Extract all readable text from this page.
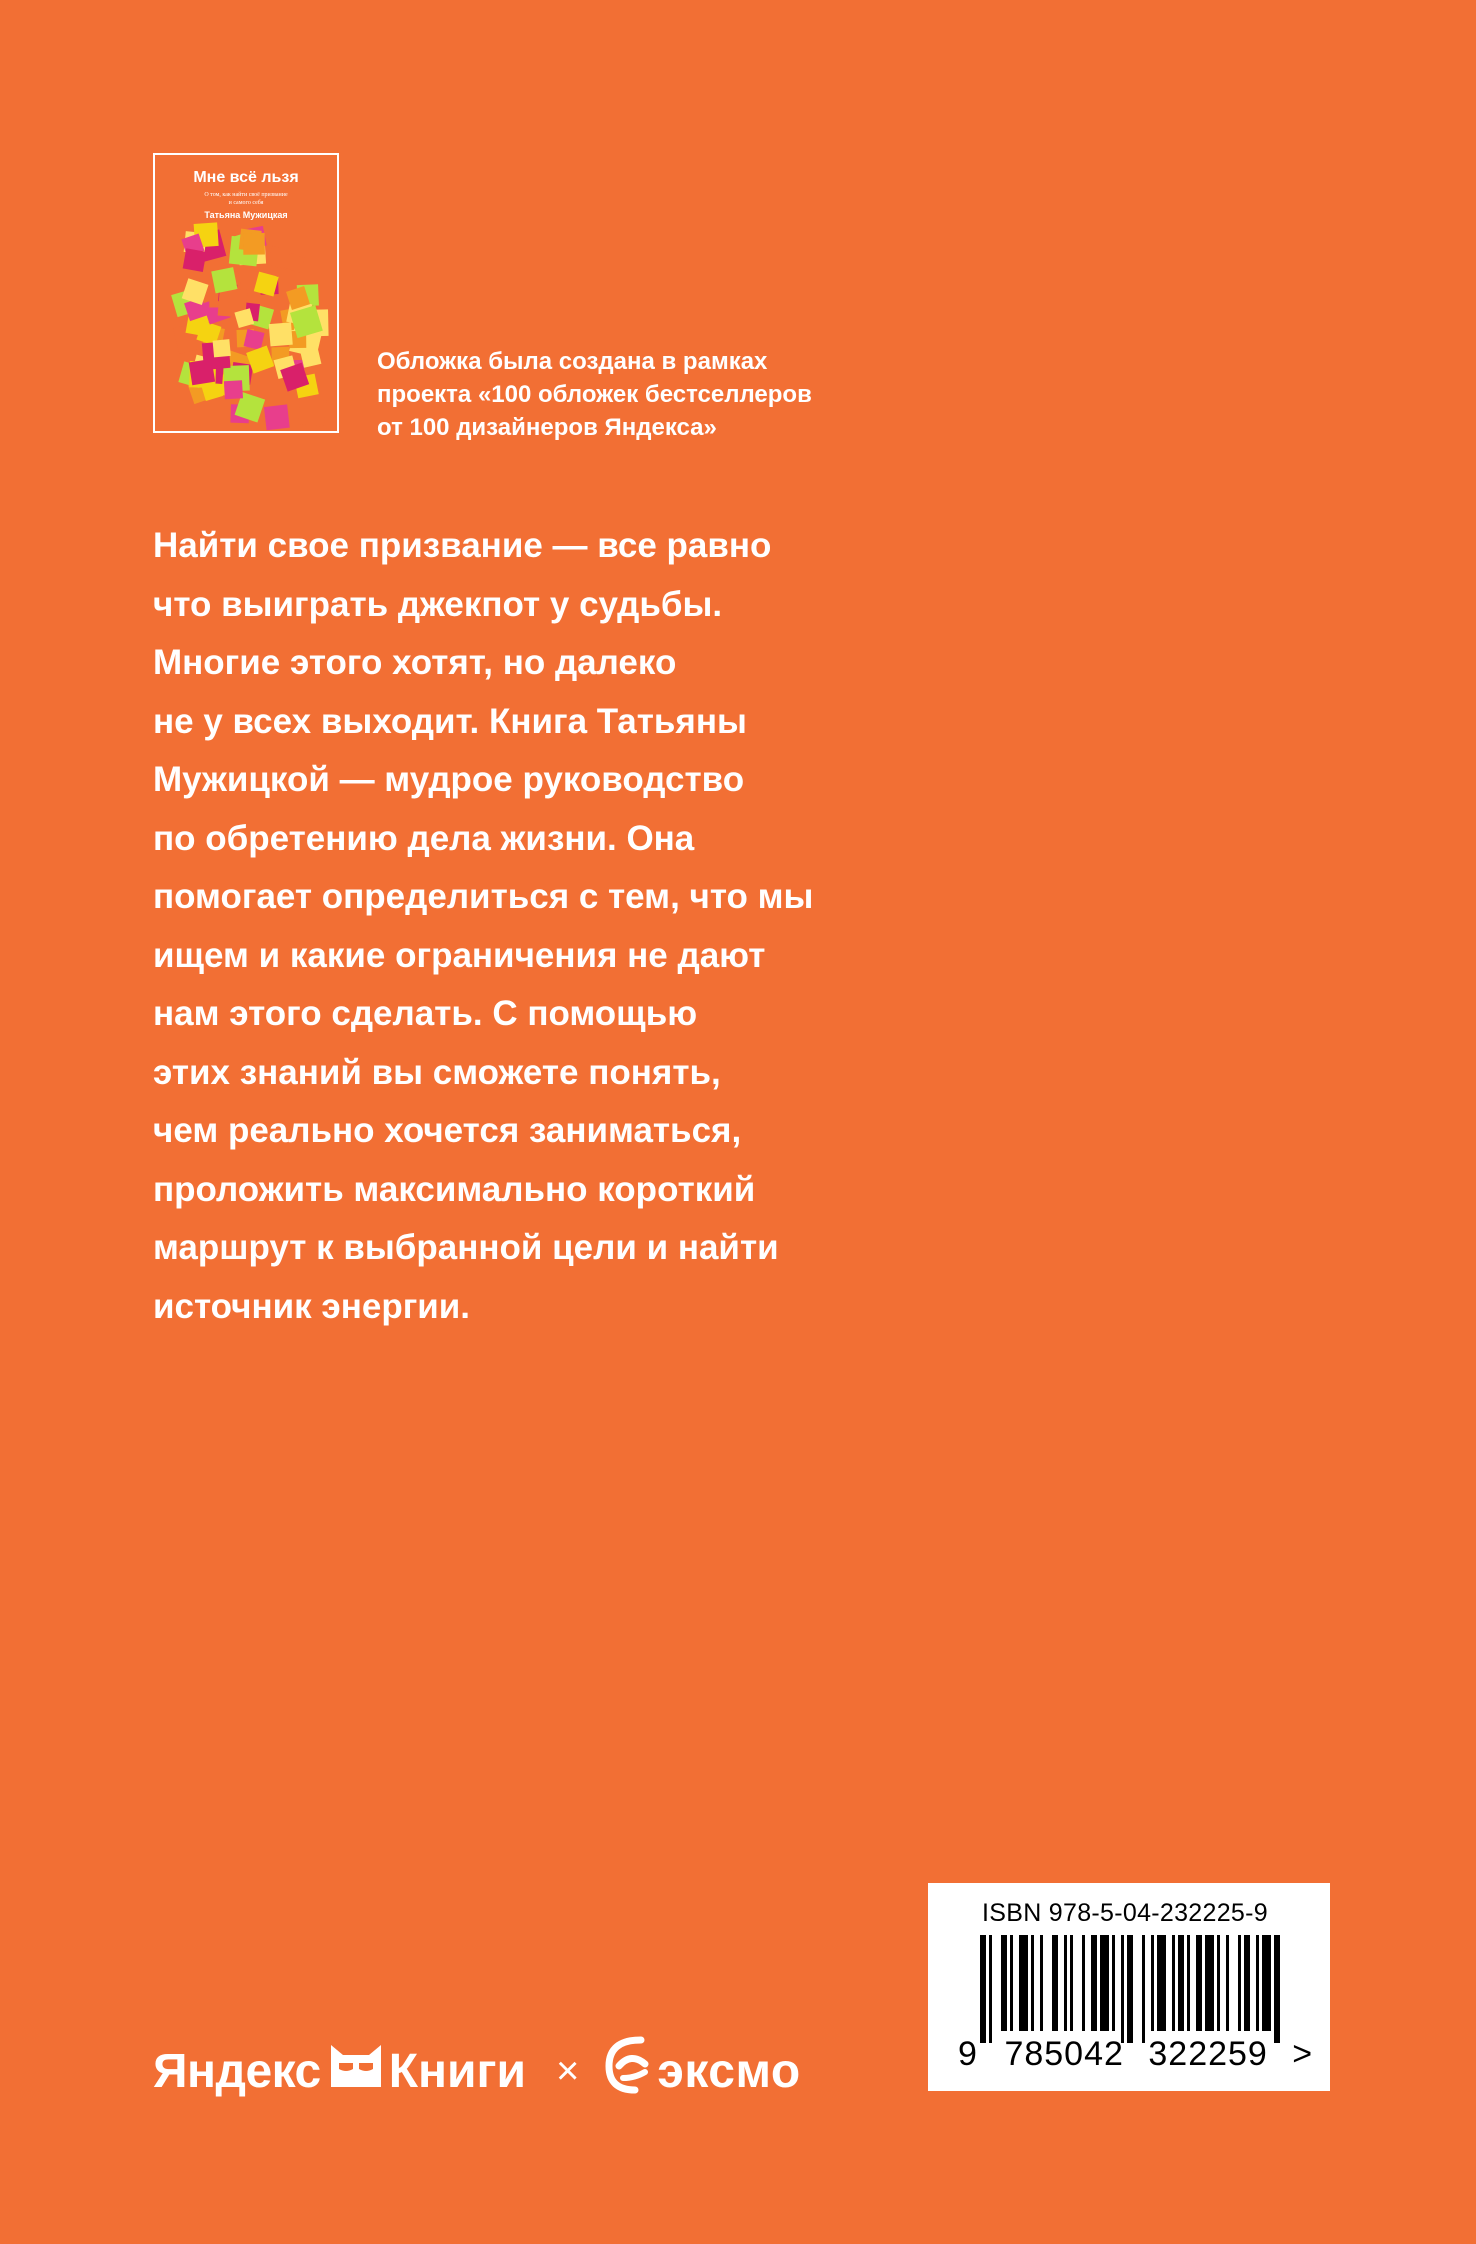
Мне всё льзя
О том, как найти своё призвание
и самого себя
Татьяна Мужицкая
Обложка была создана в рамках
проекта «100 обложек бестселлеров
от 100 дизайнеров Яндекса»
Найти свое призвание — все равно
что выиграть джекпот у судьбы.
Многие этого хотят, но далеко
не у всех выходит. Книга Татьяны
Мужицкой — мудрое руководство
по обретению дела жизни. Она
помогает определиться с тем, что мы
ищем и какие ограничения не дают
нам этого сделать. С помощью
этих знаний вы сможете понять,
чем реально хочется заниматься,
проложить максимально короткий
маршрут к выбранной цели и найти
источник энергии.
Яндекс Книги × эксмо
ISBN 978-5-04-232225-9
9 785042 322259 >
